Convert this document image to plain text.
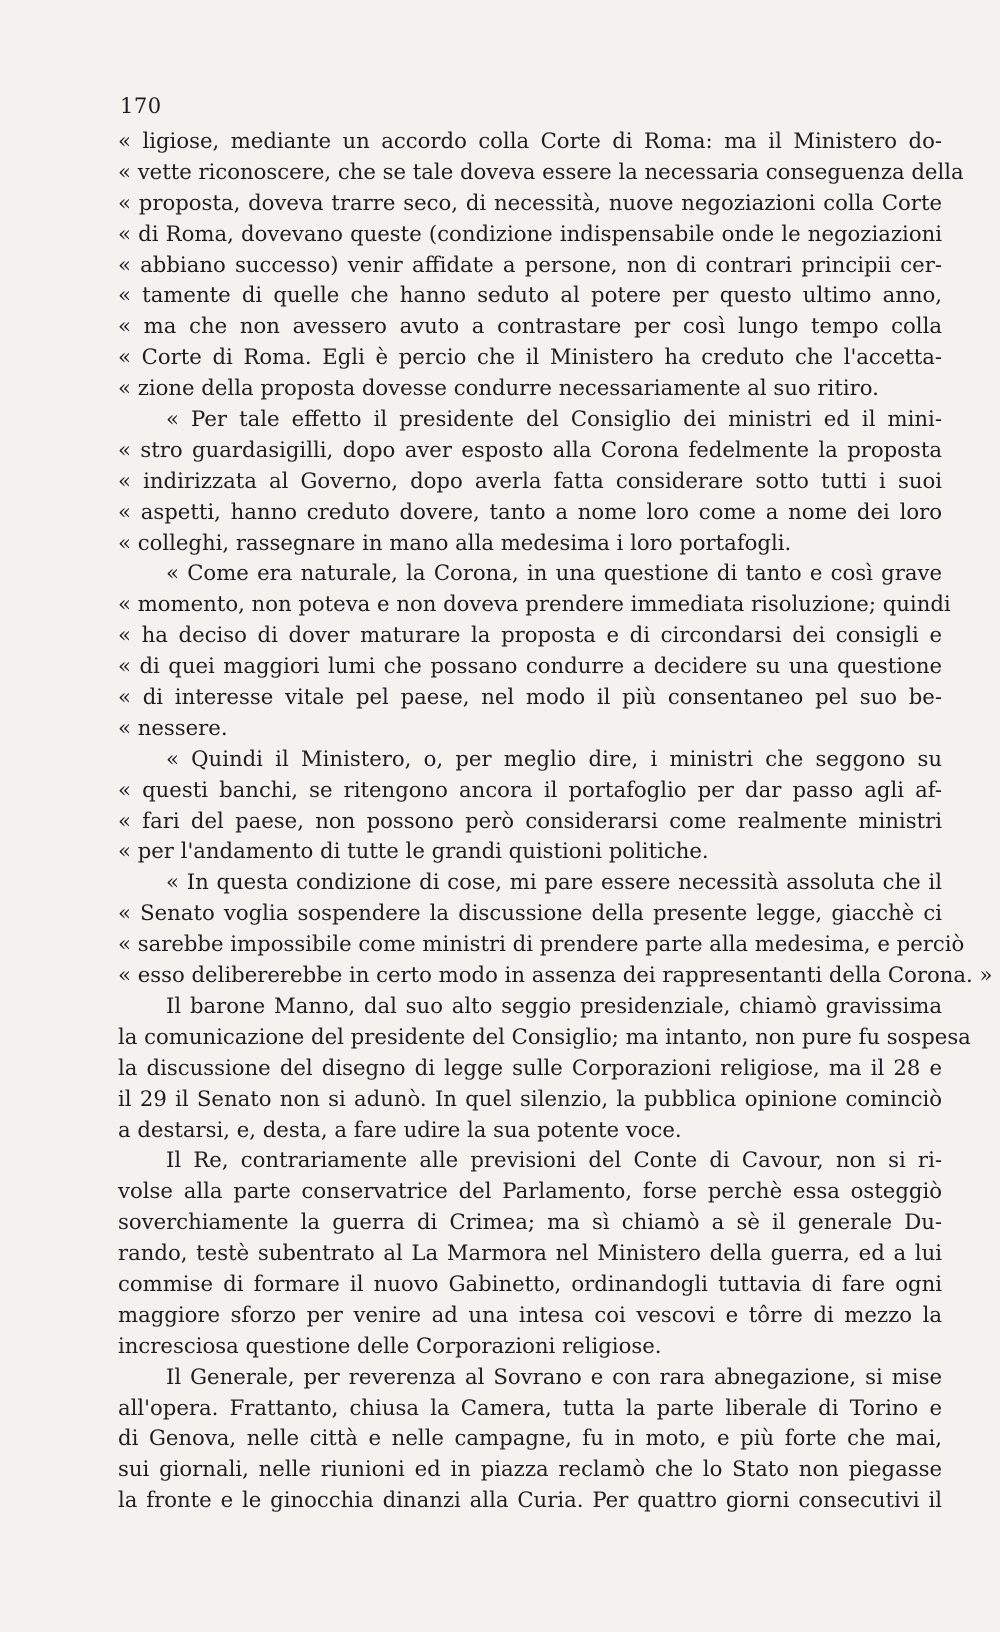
170
« ligiose, mediante un accordo colla Corte di Roma: ma il Ministero do-
« vette riconoscere, che se tale doveva essere la necessaria conseguenza della
« proposta, doveva trarre seco, di necessità, nuove negoziazioni colla Corte
« di Roma, dovevano queste (condizione indispensabile onde le negoziazioni
« abbiano successo) venir affidate a persone, non di contrari principii cer-
« tamente di quelle che hanno seduto al potere per questo ultimo anno,
« ma che non avessero avuto a contrastare per così lungo tempo colla
« Corte di Roma. Egli è percio che il Ministero ha creduto che l'accetta-
« zione della proposta dovesse condurre necessariamente al suo ritiro.
« Per tale effetto il presidente del Consiglio dei ministri ed il mini-
« stro guardasigilli, dopo aver esposto alla Corona fedelmente la proposta
« indirizzata al Governo, dopo averla fatta considerare sotto tutti i suoi
« aspetti, hanno creduto dovere, tanto a nome loro come a nome dei loro
« colleghi, rassegnare in mano alla medesima i loro portafogli.
« Come era naturale, la Corona, in una questione di tanto e così grave
« momento, non poteva e non doveva prendere immediata risoluzione; quindi
« ha deciso di dover maturare la proposta e di circondarsi dei consigli e
« di quei maggiori lumi che possano condurre a decidere su una questione
« di interesse vitale pel paese, nel modo il più consentaneo pel suo be-
« nessere.
« Quindi il Ministero, o, per meglio dire, i ministri che seggono su
« questi banchi, se ritengono ancora il portafoglio per dar passo agli af-
« fari del paese, non possono però considerarsi come realmente ministri
« per l'andamento di tutte le grandi quistioni politiche.
« In questa condizione di cose, mi pare essere necessità assoluta che il
« Senato voglia sospendere la discussione della presente legge, giacchè ci
« sarebbe impossibile come ministri di prendere parte alla medesima, e perciò
« esso delibererebbe in certo modo in assenza dei rappresentanti della Corona. »
Il barone Manno, dal suo alto seggio presidenziale, chiamò gravissima
la comunicazione del presidente del Consiglio; ma intanto, non pure fu sospesa
la discussione del disegno di legge sulle Corporazioni religiose, ma il 28 e
il 29 il Senato non si adunò. In quel silenzio, la pubblica opinione cominciò
a destarsi, e, desta, a fare udire la sua potente voce.
Il Re, contrariamente alle previsioni del Conte di Cavour, non si ri-
volse alla parte conservatrice del Parlamento, forse perchè essa osteggiò
soverchiamente la guerra di Crimea; ma sì chiamò a sè il generale Du-
rando, testè subentrato al La Marmora nel Ministero della guerra, ed a lui
commise di formare il nuovo Gabinetto, ordinandogli tuttavia di fare ogni
maggiore sforzo per venire ad una intesa coi vescovi e tôrre di mezzo la
incresciosa questione delle Corporazioni religiose.
Il Generale, per reverenza al Sovrano e con rara abnegazione, si mise
all'opera. Frattanto, chiusa la Camera, tutta la parte liberale di Torino e
di Genova, nelle città e nelle campagne, fu in moto, e più forte che mai,
sui giornali, nelle riunioni ed in piazza reclamò che lo Stato non piegasse
la fronte e le ginocchia dinanzi alla Curia. Per quattro giorni consecutivi il
